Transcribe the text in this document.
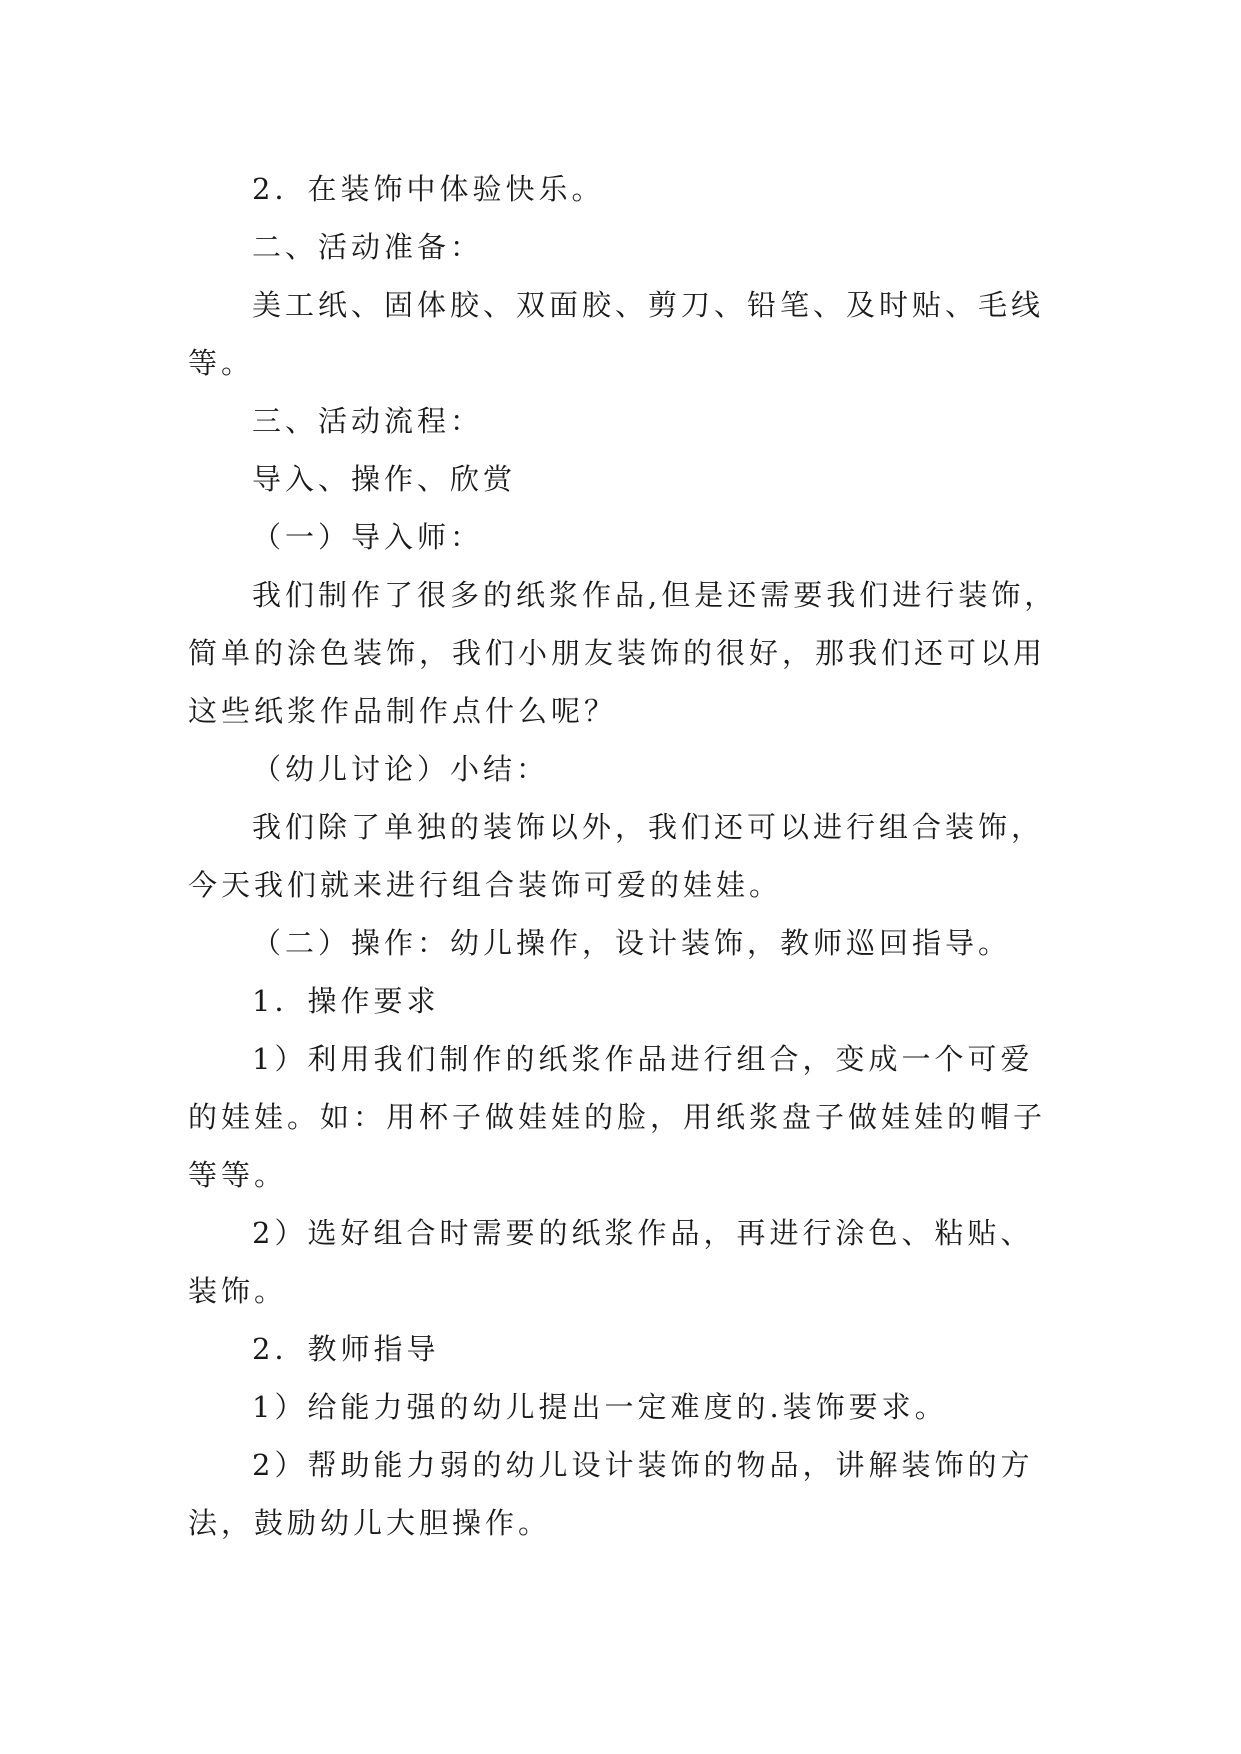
2．在装饰中体验快乐。

二、活动准备：

美工纸、固体胶、双面胶、剪刀、铅笔、及时贴、毛线

等。

三、活动流程：

导入、操作、欣赏

（一）导入师：

我们制作了很多的纸浆作品,但是还需要我们进行装饰，

简单的涂色装饰，我们小朋友装饰的很好，那我们还可以用

这些纸浆作品制作点什么呢？

（幼儿讨论）小结：

我们除了单独的装饰以外，我们还可以进行组合装饰，

今天我们就来进行组合装饰可爱的娃娃。

（二）操作：幼儿操作，设计装饰，教师巡回指导。

1．操作要求

1）利用我们制作的纸浆作品进行组合，变成一个可爱

的娃娃。如：用杯子做娃娃的脸，用纸浆盘子做娃娃的帽子

等等。

2）选好组合时需要的纸浆作品，再进行涂色、粘贴、

装饰。

2．教师指导

1）给能力强的幼儿提出一定难度的.装饰要求。

2）帮助能力弱的幼儿设计装饰的物品，讲解装饰的方

法，鼓励幼儿大胆操作。
